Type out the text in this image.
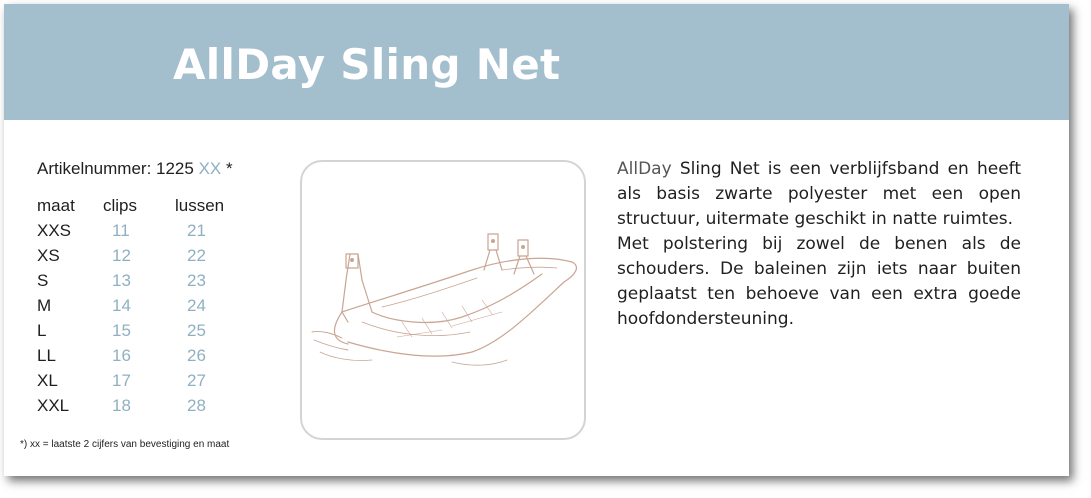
AllDay Sling Net
Artikelnummer: 1225 XX *
maat	clips	lussen
XXS	11	21
XS	12	22
S	13	23
M	14	24
L	15	25
LL	16	26
XL	17	27
XXL	18	28
*) xx = laatste 2 cijfers van bevestiging en maat

AllDay Sling Net is een verblijfsband en heeft als basis zwarte polyester met een open structuur, uitermate geschikt in natte ruimtes.

Met polstering bij zowel de benen als de schouders. De baleinen zijn iets naar buiten geplaatst ten behoeve van een extra goede hoofdondersteuning.
